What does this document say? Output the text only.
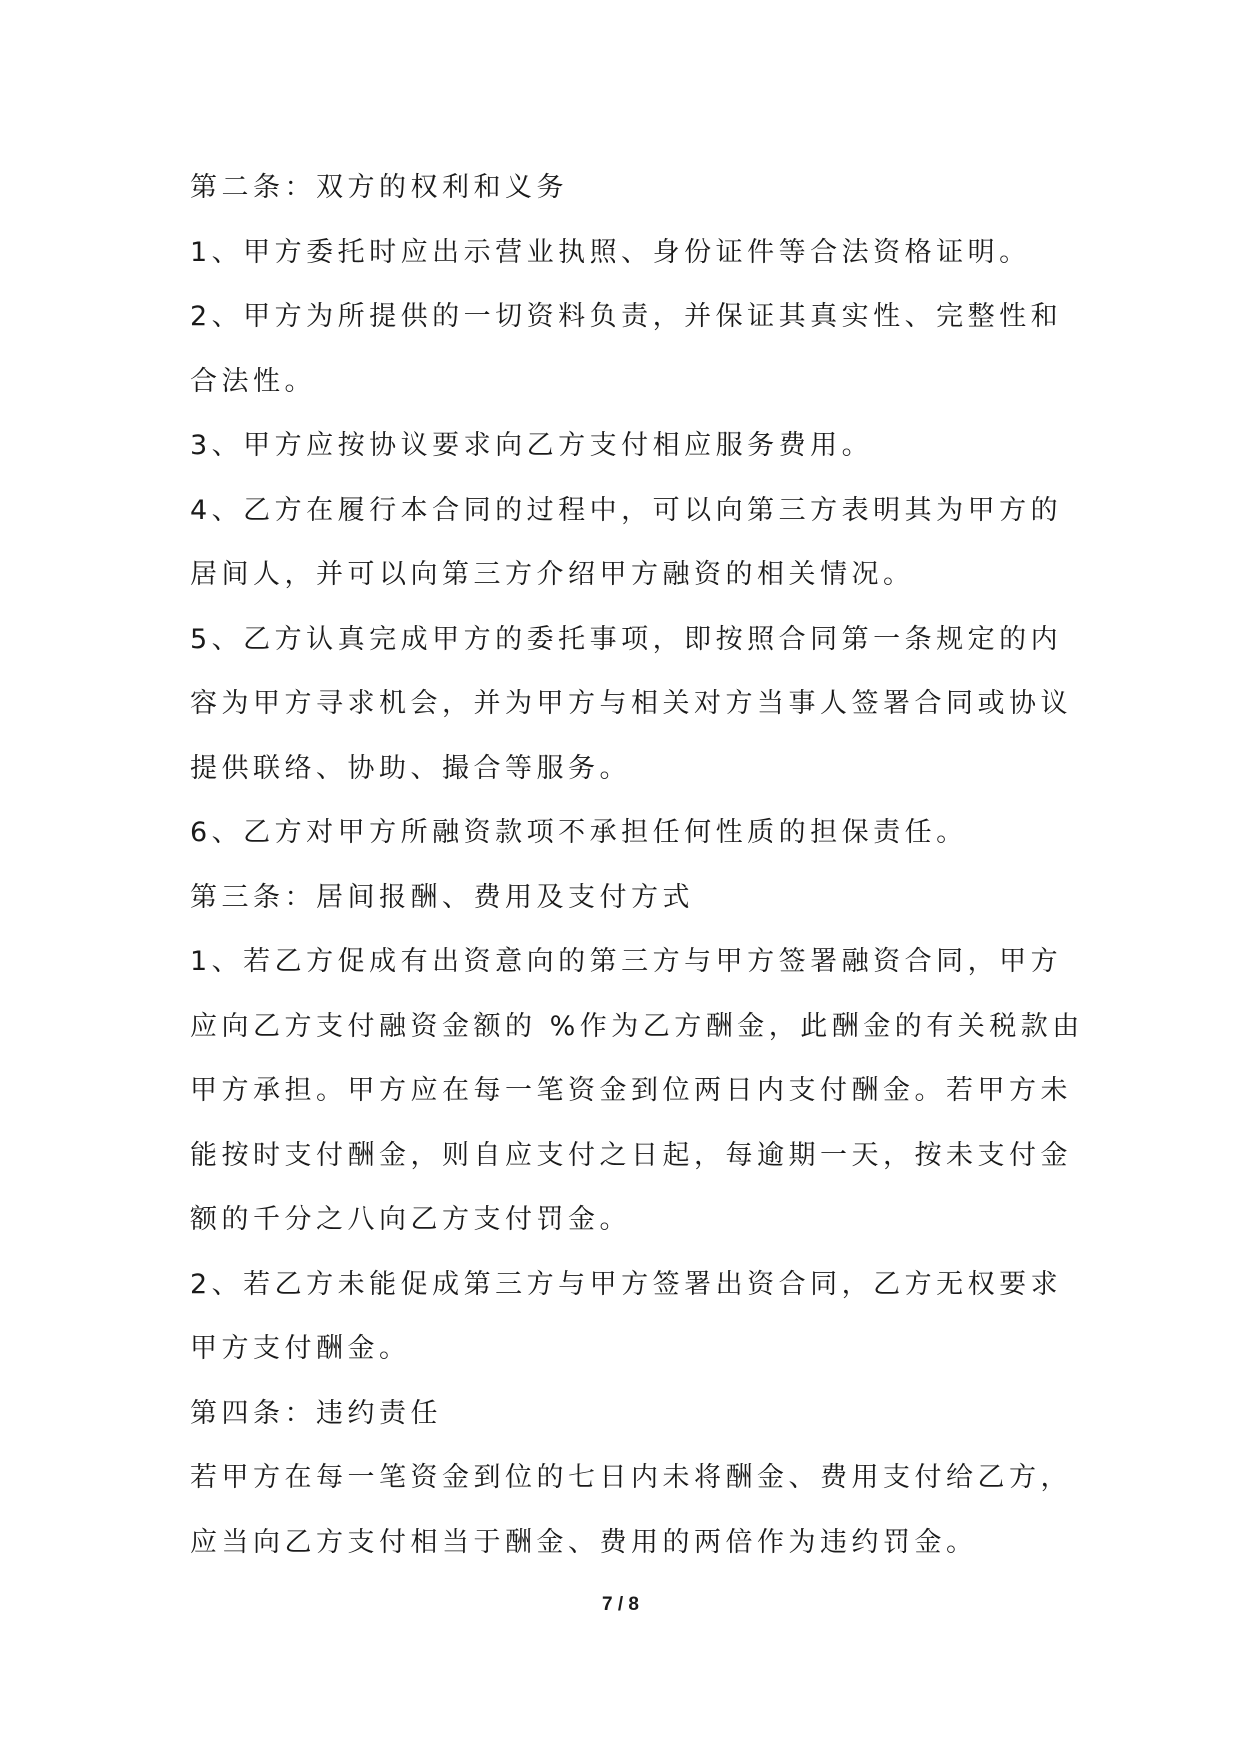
第二条：双方的权利和义务
1、甲方委托时应出示营业执照、身份证件等合法资格证明。
2、甲方为所提供的一切资料负责，并保证其真实性、完整性和
合法性。
3、甲方应按协议要求向乙方支付相应服务费用。
4、乙方在履行本合同的过程中，可以向第三方表明其为甲方的
居间人，并可以向第三方介绍甲方融资的相关情况。
5、乙方认真完成甲方的委托事项，即按照合同第一条规定的内
容为甲方寻求机会，并为甲方与相关对方当事人签署合同或协议
提供联络、协助、撮合等服务。
6、乙方对甲方所融资款项不承担任何性质的担保责任。
第三条：居间报酬、费用及支付方式
1、若乙方促成有出资意向的第三方与甲方签署融资合同，甲方
应向乙方支付融资金额的 %作为乙方酬金，此酬金的有关税款由
甲方承担。甲方应在每一笔资金到位两日内支付酬金。若甲方未
能按时支付酬金，则自应支付之日起，每逾期一天，按未支付金
额的千分之八向乙方支付罚金。
2、若乙方未能促成第三方与甲方签署出资合同，乙方无权要求
甲方支付酬金。
第四条：违约责任
若甲方在每一笔资金到位的七日内未将酬金、费用支付给乙方，
应当向乙方支付相当于酬金、费用的两倍作为违约罚金。
7 / 8
